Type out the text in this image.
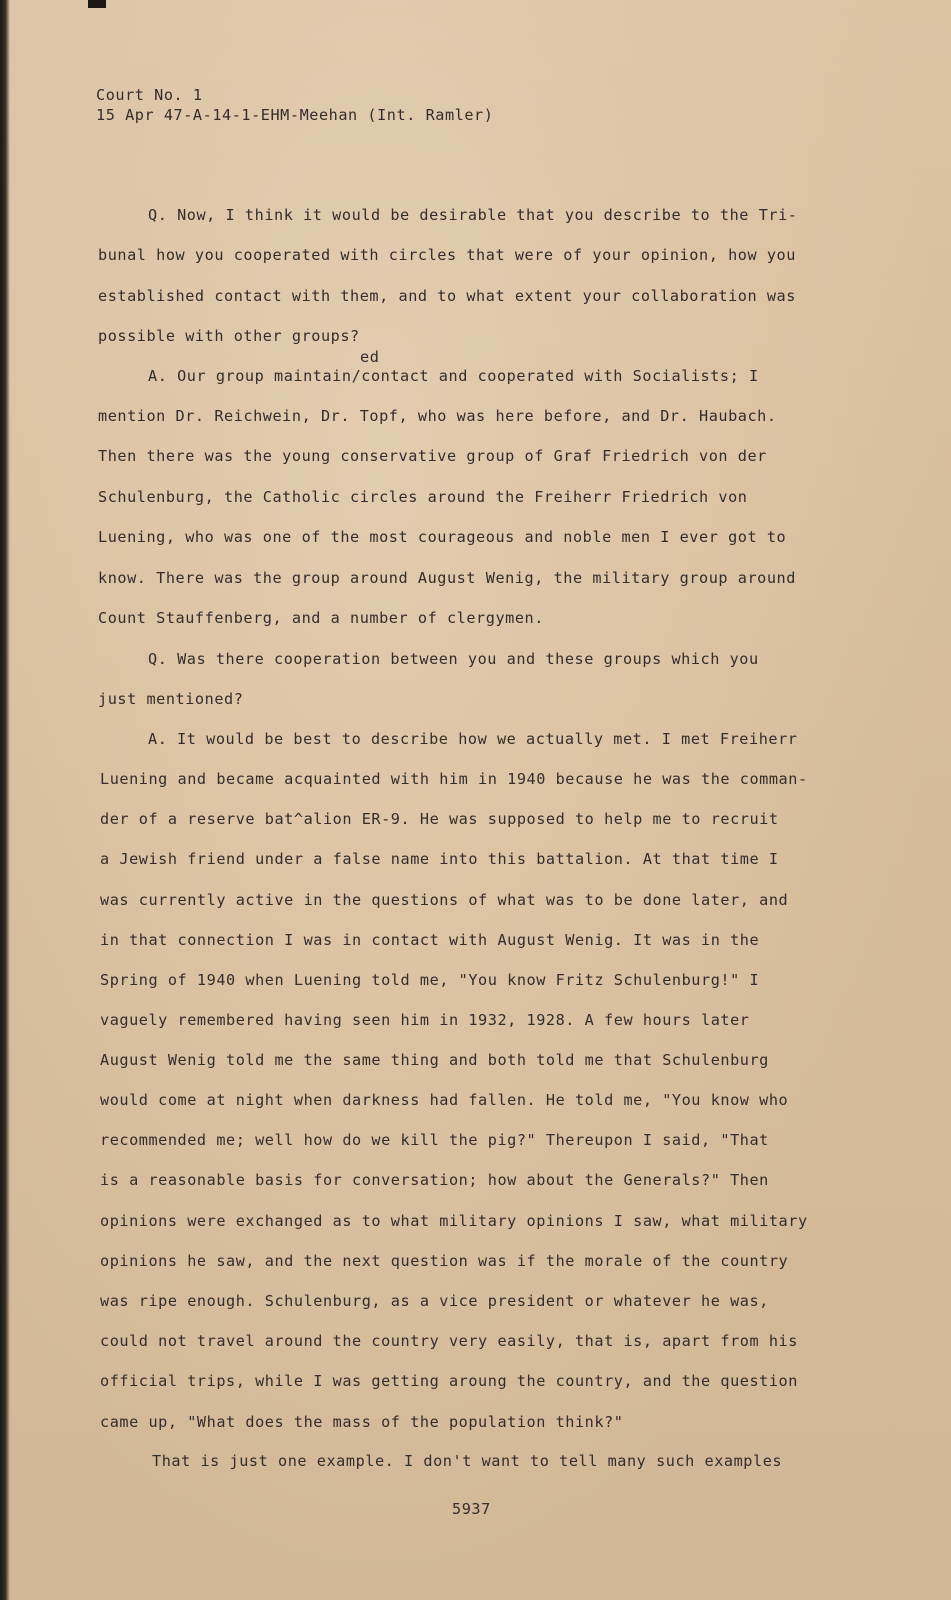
Court No. 1
15 Apr 47-A-14-1-EHM-Meehan (Int. Ramler)
Q. Now, I think it would be desirable that you describe to the Tri-
bunal how you cooperated with circles that were of your opinion, how you
established contact with them, and to what extent your collaboration was
possible with other groups?
ed
A. Our group maintain/contact and cooperated with Socialists; I
mention Dr. Reichwein, Dr. Topf, who was here before, and Dr. Haubach.
Then there was the young conservative group of Graf Friedrich von der
Schulenburg, the Catholic circles around the Freiherr Friedrich von
Luening, who was one of the most courageous and noble men I ever got to
know. There was the group around August Wenig, the military group around
Count Stauffenberg, and a number of clergymen.
Q. Was there cooperation between you and these groups which you
just mentioned?
A. It would be best to describe how we actually met. I met Freiherr
Luening and became acquainted with him in 1940 because he was the comman-
der of a reserve bat^alion ER-9. He was supposed to help me to recruit
a Jewish friend under a false name into this battalion. At that time I
was currently active in the questions of what was to be done later, and
in that connection I was in contact with August Wenig. It was in the
Spring of 1940 when Luening told me, "You know Fritz Schulenburg!" I
vaguely remembered having seen him in 1932, 1928. A few hours later
August Wenig told me the same thing and both told me that Schulenburg
would come at night when darkness had fallen. He told me, "You know who
recommended me; well how do we kill the pig?" Thereupon I said, "That
is a reasonable basis for conversation; how about the Generals?" Then
opinions were exchanged as to what military opinions I saw, what military
opinions he saw, and the next question was if the morale of the country
was ripe enough. Schulenburg, as a vice president or whatever he was,
could not travel around the country very easily, that is, apart from his
official trips, while I was getting aroung the country, and the question
came up, "What does the mass of the population think?"
That is just one example. I don't want to tell many such examples
5937
